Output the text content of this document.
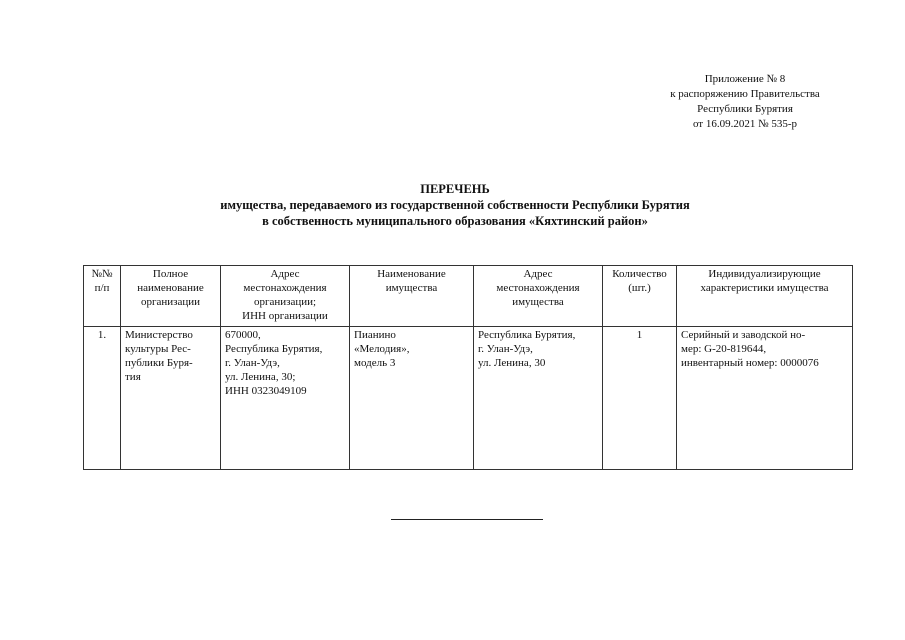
Приложение № 8
к распоряжению Правительства
Республики Бурятия
от 16.09.2021 № 535-р
ПЕРЕЧЕНЬ
имущества, передаваемого из государственной собственности Республики Бурятия
в собственность муниципального образования «Кяхтинский район»
№№
п/п	Полное
наименование
организации	Адрес
местонахождения
организации;
ИНН организации	Наименование
имущества	Адрес
местонахождения
имущества	Количество
(шт.)	Индивидуализирующие
характеристики имущества

1.	Министерство
культуры Рес-
публики Буря-
тия	670000,
Республика Бурятия,
г. Улан-Удэ,
ул. Ленина, 30;
ИНН 0323049109	Пианино
«Мелодия»,
модель 3	Республика Бурятия,
г. Улан-Удэ,
ул. Ленина, 30	1	Серийный и заводской но-
мер: G-20-819644,
инвентарный номер: 0000076
